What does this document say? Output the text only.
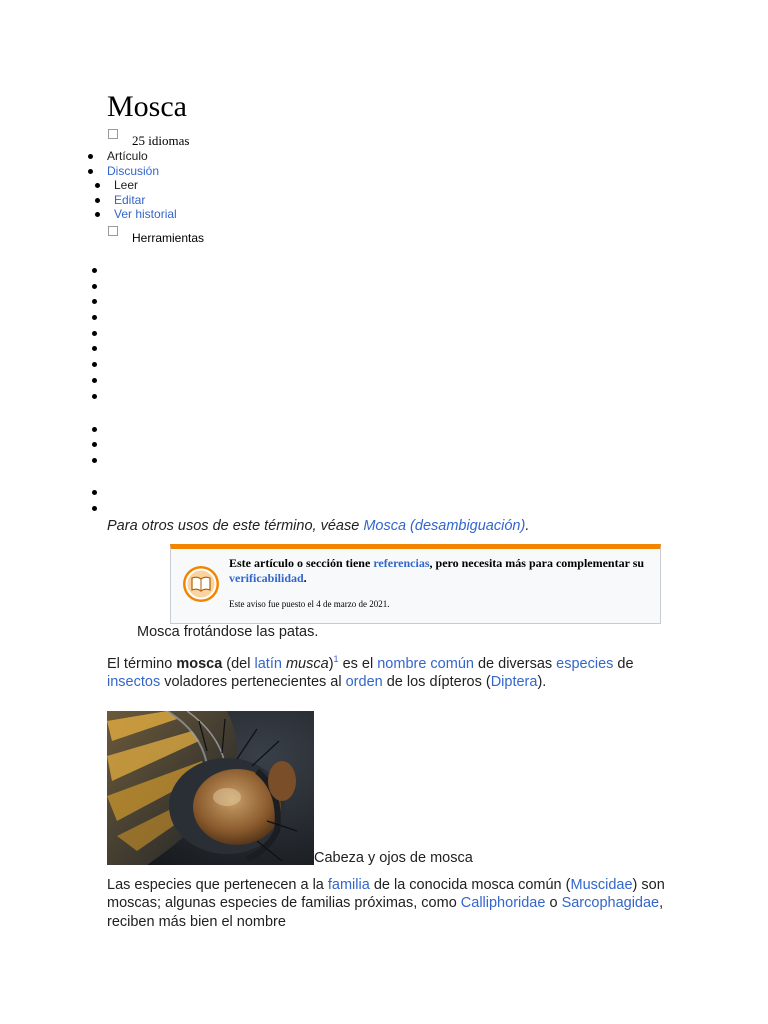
Mosca
25 idiomas
Artículo
Discusión
Leer
Editar
Ver historial
Herramientas
Para otros usos de este término, véase Mosca (desambiguación).
Este artículo o sección tiene referencias, pero necesita más para complementar su verificabilidad.
Este aviso fue puesto el 4 de marzo de 2021.
Mosca frotándose las patas.

El término mosca (del latín musca)$^1$ es el nombre común de diversas especies de insectos voladores pertenecientes al orden de los dípteros (Diptera).

Cabeza y ojos de mosca

Las especies que pertenecen a la familia de la conocida mosca común (Muscidae) son moscas; algunas especies de familias próximas, como Calliphoridae o Sarcophagidae, reciben más bien el nombre
